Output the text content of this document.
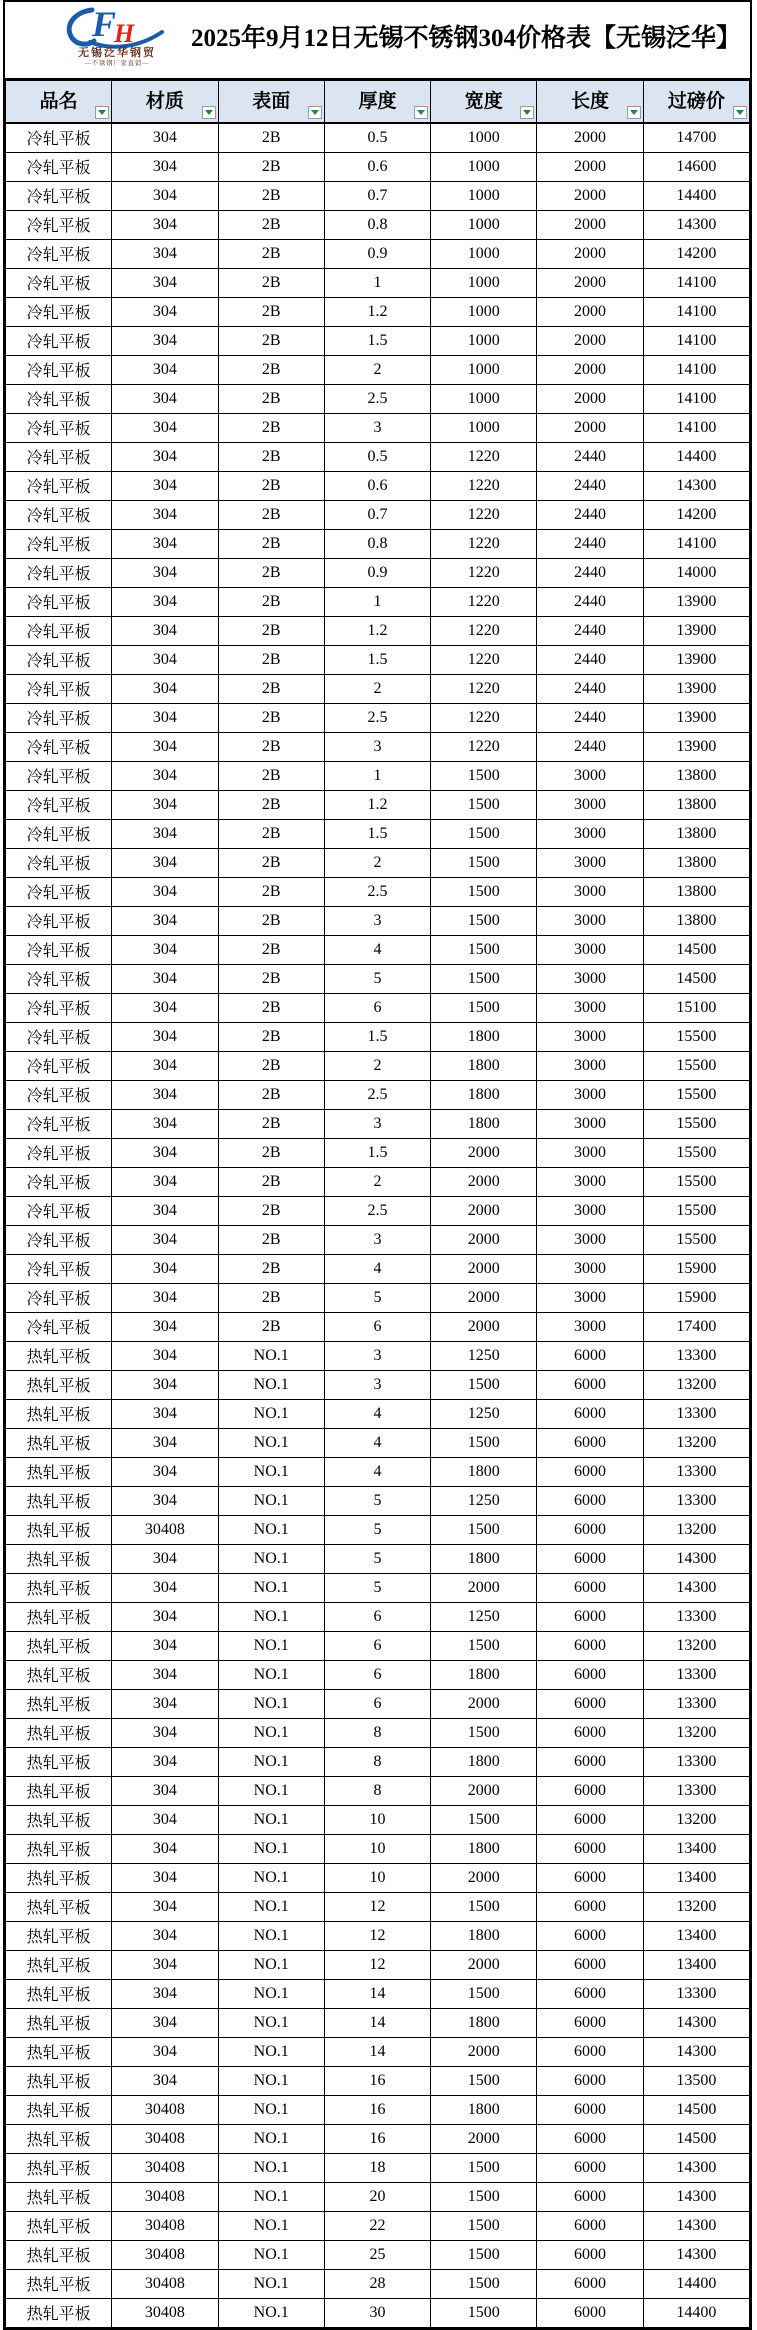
F
H
无锡泛华钢贸
—不锈钢厂家直销—
2025年9月12日无锡不锈钢304价格表【无锡泛华】
品名	材质	表面	厚度	宽度	长度	过磅价

冷轧平板	304	2B	0.5	1000	2000	14700
冷轧平板	304	2B	0.6	1000	2000	14600
冷轧平板	304	2B	0.7	1000	2000	14400
冷轧平板	304	2B	0.8	1000	2000	14300
冷轧平板	304	2B	0.9	1000	2000	14200
冷轧平板	304	2B	1	1000	2000	14100
冷轧平板	304	2B	1.2	1000	2000	14100
冷轧平板	304	2B	1.5	1000	2000	14100
冷轧平板	304	2B	2	1000	2000	14100
冷轧平板	304	2B	2.5	1000	2000	14100
冷轧平板	304	2B	3	1000	2000	14100
冷轧平板	304	2B	0.5	1220	2440	14400
冷轧平板	304	2B	0.6	1220	2440	14300
冷轧平板	304	2B	0.7	1220	2440	14200
冷轧平板	304	2B	0.8	1220	2440	14100
冷轧平板	304	2B	0.9	1220	2440	14000
冷轧平板	304	2B	1	1220	2440	13900
冷轧平板	304	2B	1.2	1220	2440	13900
冷轧平板	304	2B	1.5	1220	2440	13900
冷轧平板	304	2B	2	1220	2440	13900
冷轧平板	304	2B	2.5	1220	2440	13900
冷轧平板	304	2B	3	1220	2440	13900
冷轧平板	304	2B	1	1500	3000	13800
冷轧平板	304	2B	1.2	1500	3000	13800
冷轧平板	304	2B	1.5	1500	3000	13800
冷轧平板	304	2B	2	1500	3000	13800
冷轧平板	304	2B	2.5	1500	3000	13800
冷轧平板	304	2B	3	1500	3000	13800
冷轧平板	304	2B	4	1500	3000	14500
冷轧平板	304	2B	5	1500	3000	14500
冷轧平板	304	2B	6	1500	3000	15100
冷轧平板	304	2B	1.5	1800	3000	15500
冷轧平板	304	2B	2	1800	3000	15500
冷轧平板	304	2B	2.5	1800	3000	15500
冷轧平板	304	2B	3	1800	3000	15500
冷轧平板	304	2B	1.5	2000	3000	15500
冷轧平板	304	2B	2	2000	3000	15500
冷轧平板	304	2B	2.5	2000	3000	15500
冷轧平板	304	2B	3	2000	3000	15500
冷轧平板	304	2B	4	2000	3000	15900
冷轧平板	304	2B	5	2000	3000	15900
冷轧平板	304	2B	6	2000	3000	17400
热轧平板	304	NO.1	3	1250	6000	13300
热轧平板	304	NO.1	3	1500	6000	13200
热轧平板	304	NO.1	4	1250	6000	13300
热轧平板	304	NO.1	4	1500	6000	13200
热轧平板	304	NO.1	4	1800	6000	13300
热轧平板	304	NO.1	5	1250	6000	13300
热轧平板	30408	NO.1	5	1500	6000	13200
热轧平板	304	NO.1	5	1800	6000	14300
热轧平板	304	NO.1	5	2000	6000	14300
热轧平板	304	NO.1	6	1250	6000	13300
热轧平板	304	NO.1	6	1500	6000	13200
热轧平板	304	NO.1	6	1800	6000	13300
热轧平板	304	NO.1	6	2000	6000	13300
热轧平板	304	NO.1	8	1500	6000	13200
热轧平板	304	NO.1	8	1800	6000	13300
热轧平板	304	NO.1	8	2000	6000	13300
热轧平板	304	NO.1	10	1500	6000	13200
热轧平板	304	NO.1	10	1800	6000	13400
热轧平板	304	NO.1	10	2000	6000	13400
热轧平板	304	NO.1	12	1500	6000	13200
热轧平板	304	NO.1	12	1800	6000	13400
热轧平板	304	NO.1	12	2000	6000	13400
热轧平板	304	NO.1	14	1500	6000	13300
热轧平板	304	NO.1	14	1800	6000	14300
热轧平板	304	NO.1	14	2000	6000	14300
热轧平板	304	NO.1	16	1500	6000	13500
热轧平板	30408	NO.1	16	1800	6000	14500
热轧平板	30408	NO.1	16	2000	6000	14500
热轧平板	30408	NO.1	18	1500	6000	14300
热轧平板	30408	NO.1	20	1500	6000	14300
热轧平板	30408	NO.1	22	1500	6000	14300
热轧平板	30408	NO.1	25	1500	6000	14300
热轧平板	30408	NO.1	28	1500	6000	14400
热轧平板	30408	NO.1	30	1500	6000	14400
